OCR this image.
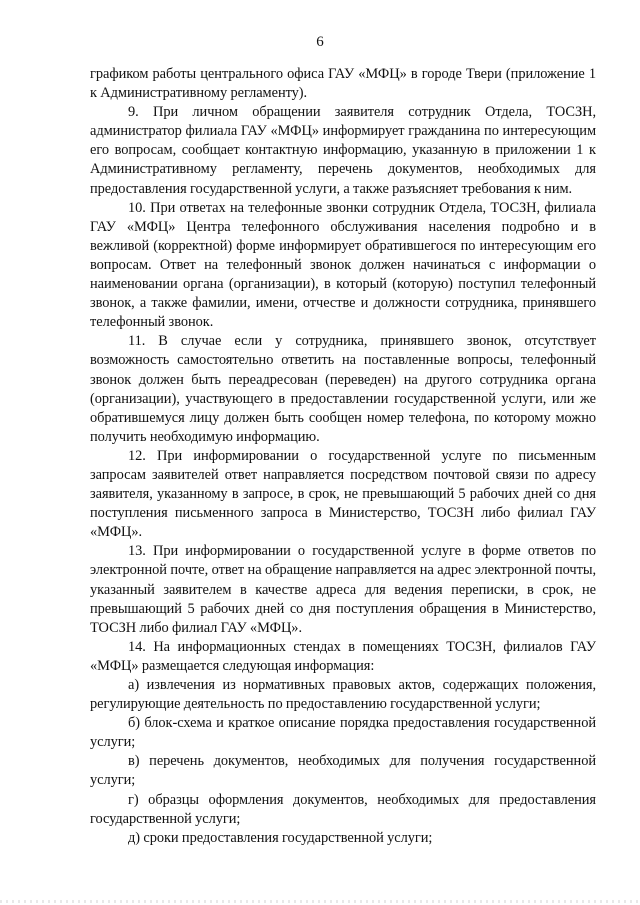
6

графиком работы центрального офиса ГАУ «МФЦ» в городе Твери (приложение 1 к Административному регламенту).

9. При личном обращении заявителя сотрудник Отдела, ТОСЗН, администратор филиала ГАУ «МФЦ» информирует гражданина по интересующим его вопросам, сообщает контактную информацию, указанную в приложении 1 к Административному регламенту, перечень документов, необходимых для предоставления государственной услуги, а также разъясняет требования к ним.

10. При ответах на телефонные звонки сотрудник Отдела, ТОСЗН, филиала ГАУ «МФЦ» Центра телефонного обслуживания населения подробно и в вежливой (корректной) форме информирует обратившегося по интересующим его вопросам. Ответ на телефонный звонок должен начинаться с информации о наименовании органа (организации), в который (которую) поступил телефонный звонок, а также фамилии, имени, отчестве и должности сотрудника, принявшего телефонный звонок.

11. В случае если у сотрудника, принявшего звонок, отсутствует возможность самостоятельно ответить на поставленные вопросы, телефонный звонок должен быть переадресован (переведен) на другого сотрудника органа (организации), участвующего в предоставлении государственной услуги, или же обратившемуся лицу должен быть сообщен номер телефона, по которому можно получить необходимую информацию.

12. При информировании о государственной услуге по письменным запросам заявителей ответ направляется посредством почтовой связи по адресу заявителя, указанному в запросе, в срок, не превышающий 5 рабочих дней со дня поступления письменного запроса в Министерство, ТОСЗН либо филиал ГАУ «МФЦ».

13. При информировании о государственной услуге в форме ответов по электронной почте, ответ на обращение направляется на адрес электронной почты, указанный заявителем в качестве адреса для ведения переписки, в срок, не превышающий 5 рабочих дней со дня поступления обращения в Министерство, ТОСЗН либо филиал ГАУ «МФЦ».

14. На информационных стендах в помещениях ТОСЗН, филиалов ГАУ «МФЦ» размещается следующая информация:

а) извлечения из нормативных правовых актов, содержащих положения, регулирующие деятельность по предоставлению государственной услуги;

б) блок-схема и краткое описание порядка предоставления государственной услуги;

в) перечень документов, необходимых для получения государственной услуги;

г) образцы оформления документов, необходимых для предоставления государственной услуги;

д) сроки предоставления государственной услуги;
